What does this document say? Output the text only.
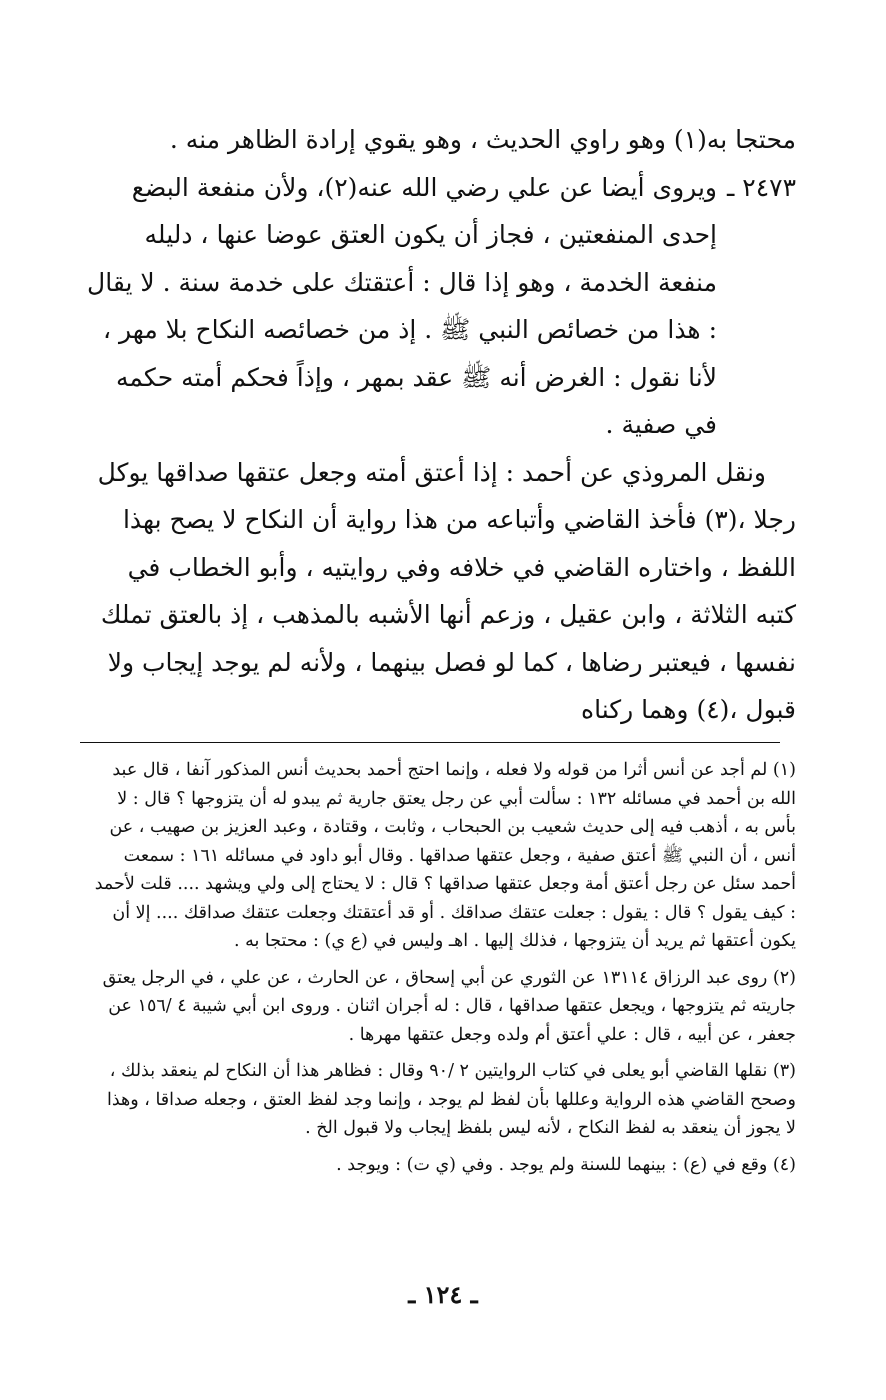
محتجا به(١) وهو راوي الحديث ، وهو يقوي إرادة الظاهر منه .

٢٤٧٣ ـ
ويروى أيضا عن علي رضي الله عنه(٢)، ولأن منفعة البضع إحدى المنفعتين ، فجاز أن يكون العتق عوضا عنها ، دليله منفعة الخدمة ، وهو إذا قال : أعتقتك على خدمة سنة . لا يقال : هذا من خصائص النبي ﷺ . إذ من خصائصه النكاح بلا مهر ، لأنا نقول : الغرض أنه ﷺ عقد بمهر ، وإذاً فحكم أمته حكمه في صفية .

ونقل المروذي عن أحمد : إذا أعتق أمته وجعل عتقها صداقها يوكل رجلا ،(٣) فأخذ القاضي وأتباعه من هذا رواية أن النكاح لا يصح بهذا اللفظ ، واختاره القاضي في خلافه وفي روايتيه ، وأبو الخطاب في كتبه الثلاثة ، وابن عقيل ، وزعم أنها الأشبه بالمذهب ، إذ بالعتق تملك نفسها ، فيعتبر رضاها ، كما لو فصل بينهما ، ولأنه لم يوجد إيجاب ولا قبول ،(٤) وهما ركناه

(١) لم أجد عن أنس أثرا من قوله ولا فعله ، وإنما احتج أحمد بحديث أنس المذكور آنفا ، قال عبد الله بن أحمد في مسائله ١٣٢ : سألت أبي عن رجل يعتق جارية ثم يبدو له أن يتزوجها ؟ قال : لا بأس به ، أذهب فيه إلى حديث شعيب بن الحبحاب ، وثابت ، وقتادة ، وعبد العزيز بن صهيب ، عن أنس ، أن النبي ﷺ أعتق صفية ، وجعل عتقها صداقها . وقال أبو داود في مسائله ١٦١ : سمعت أحمد سئل عن رجل أعتق أمة وجعل عتقها صداقها ؟ قال : لا يحتاج إلى ولي ويشهد .... قلت لأحمد : كيف يقول ؟ قال : يقول : جعلت عتقك صداقك . أو قد أعتقتك وجعلت عتقك صداقك .... إلا أن يكون أعتقها ثم يريد أن يتزوجها ، فذلك إليها . اهـ وليس في (ع ي) : محتجا به .

(٢) روى عبد الرزاق ١٣١١٤ عن الثوري عن أبي إسحاق ، عن الحارث ، عن علي ، في الرجل يعتق جاريته ثم يتزوجها ، ويجعل عتقها صداقها ، قال : له أجران اثنان . وروى ابن أبي شيبة ٤ /١٥٦ عن جعفر ، عن أبيه ، قال : علي أعتق أم ولده وجعل عتقها مهرها .

(٣) نقلها القاضي أبو يعلى في كتاب الروايتين ٢ /٩٠ وقال : فظاهر هذا أن النكاح لم ينعقد بذلك ، وصحح القاضي هذه الرواية وعللها بأن لفظ لم يوجد ، وإنما وجد لفظ العتق ، وجعله صداقا ، وهذا لا يجوز أن ينعقد به لفظ النكاح ، لأنه ليس بلفظ إيجاب ولا قبول الخ .

(٤) وقع في (ع) : بينهما للسنة ولم يوجد . وفي (ي ت) : ويوجد .

ـ ١٢٤ ـ
